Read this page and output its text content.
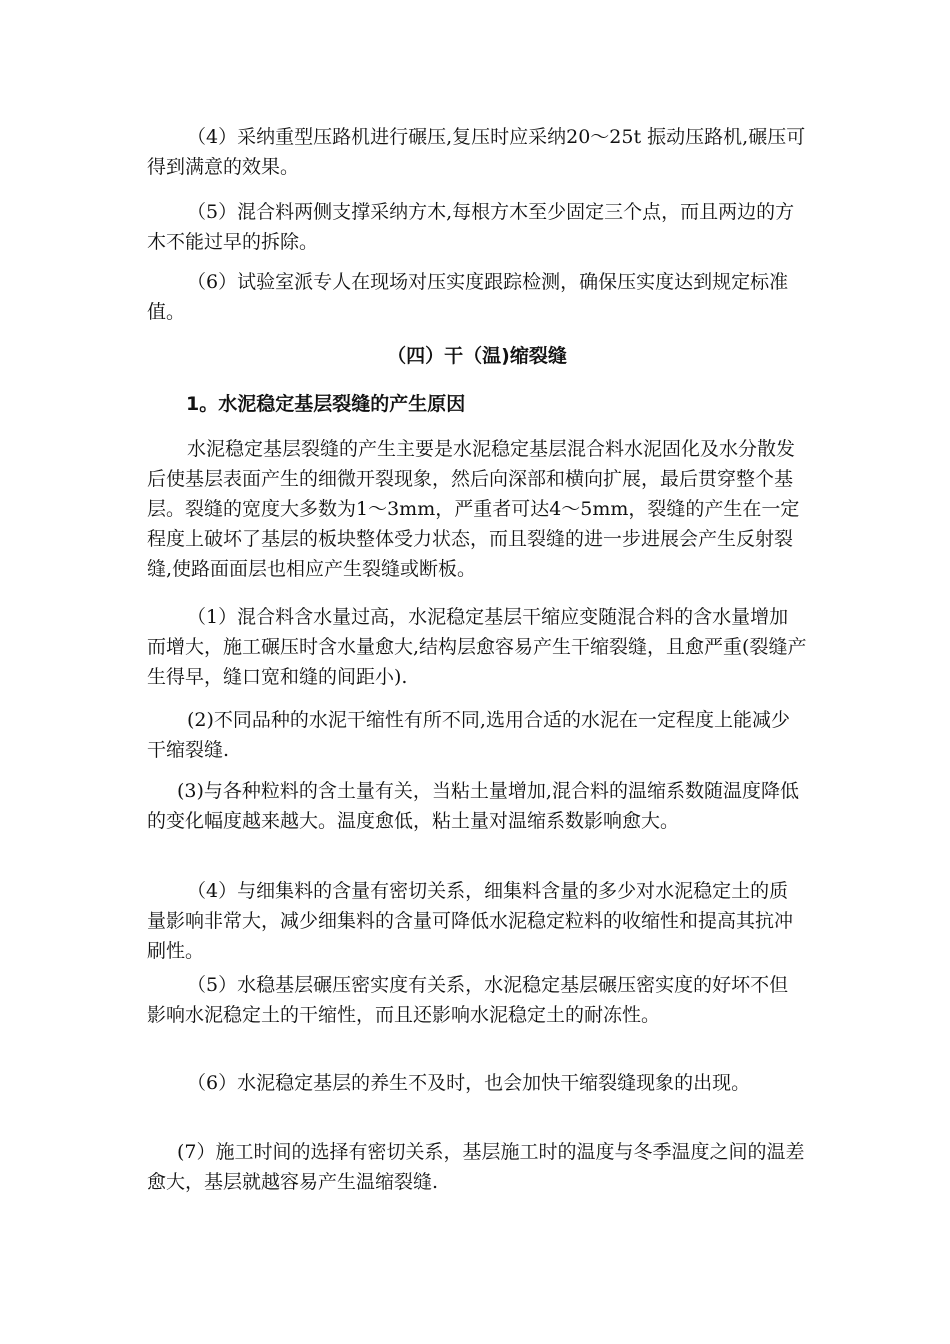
（4）采纳重型压路机进行碾压,复压时应采纳20～25t 振动压路机,碾压可得到满意的效果。

（5）混合料两侧支撑采纳方木,每根方木至少固定三个点，而且两边的方木不能过早的拆除。

（6）试验室派专人在现场对压实度跟踪检测，确保压实度达到规定标准值。

（四）干（温)缩裂缝
1。水泥稳定基层裂缝的产生原因

水泥稳定基层裂缝的产生主要是水泥稳定基层混合料水泥固化及水分散发后使基层表面产生的细微开裂现象，然后向深部和横向扩展，最后贯穿整个基层。裂缝的宽度大多数为1～3mm，严重者可达4～5mm，裂缝的产生在一定程度上破坏了基层的板块整体受力状态，而且裂缝的进一步进展会产生反射裂缝,使路面面层也相应产生裂缝或断板。

（1）混合料含水量过高，水泥稳定基层干缩应变随混合料的含水量增加而增大，施工碾压时含水量愈大,结构层愈容易产生干缩裂缝，且愈严重(裂缝产生得早，缝口宽和缝的间距小).

(2)不同品种的水泥干缩性有所不同,选用合适的水泥在一定程度上能减少干缩裂缝.

(3)与各种粒料的含土量有关，当粘土量增加,混合料的温缩系数随温度降低的变化幅度越来越大。温度愈低，粘土量对温缩系数影响愈大。

（4）与细集料的含量有密切关系，细集料含量的多少对水泥稳定土的质量影响非常大，减少细集料的含量可降低水泥稳定粒料的收缩性和提高其抗冲刷性。

（5）水稳基层碾压密实度有关系，水泥稳定基层碾压密实度的好坏不但影响水泥稳定土的干缩性，而且还影响水泥稳定土的耐冻性。

（6）水泥稳定基层的养生不及时，也会加快干缩裂缝现象的出现。

(7）施工时间的选择有密切关系，基层施工时的温度与冬季温度之间的温差愈大，基层就越容易产生温缩裂缝.
